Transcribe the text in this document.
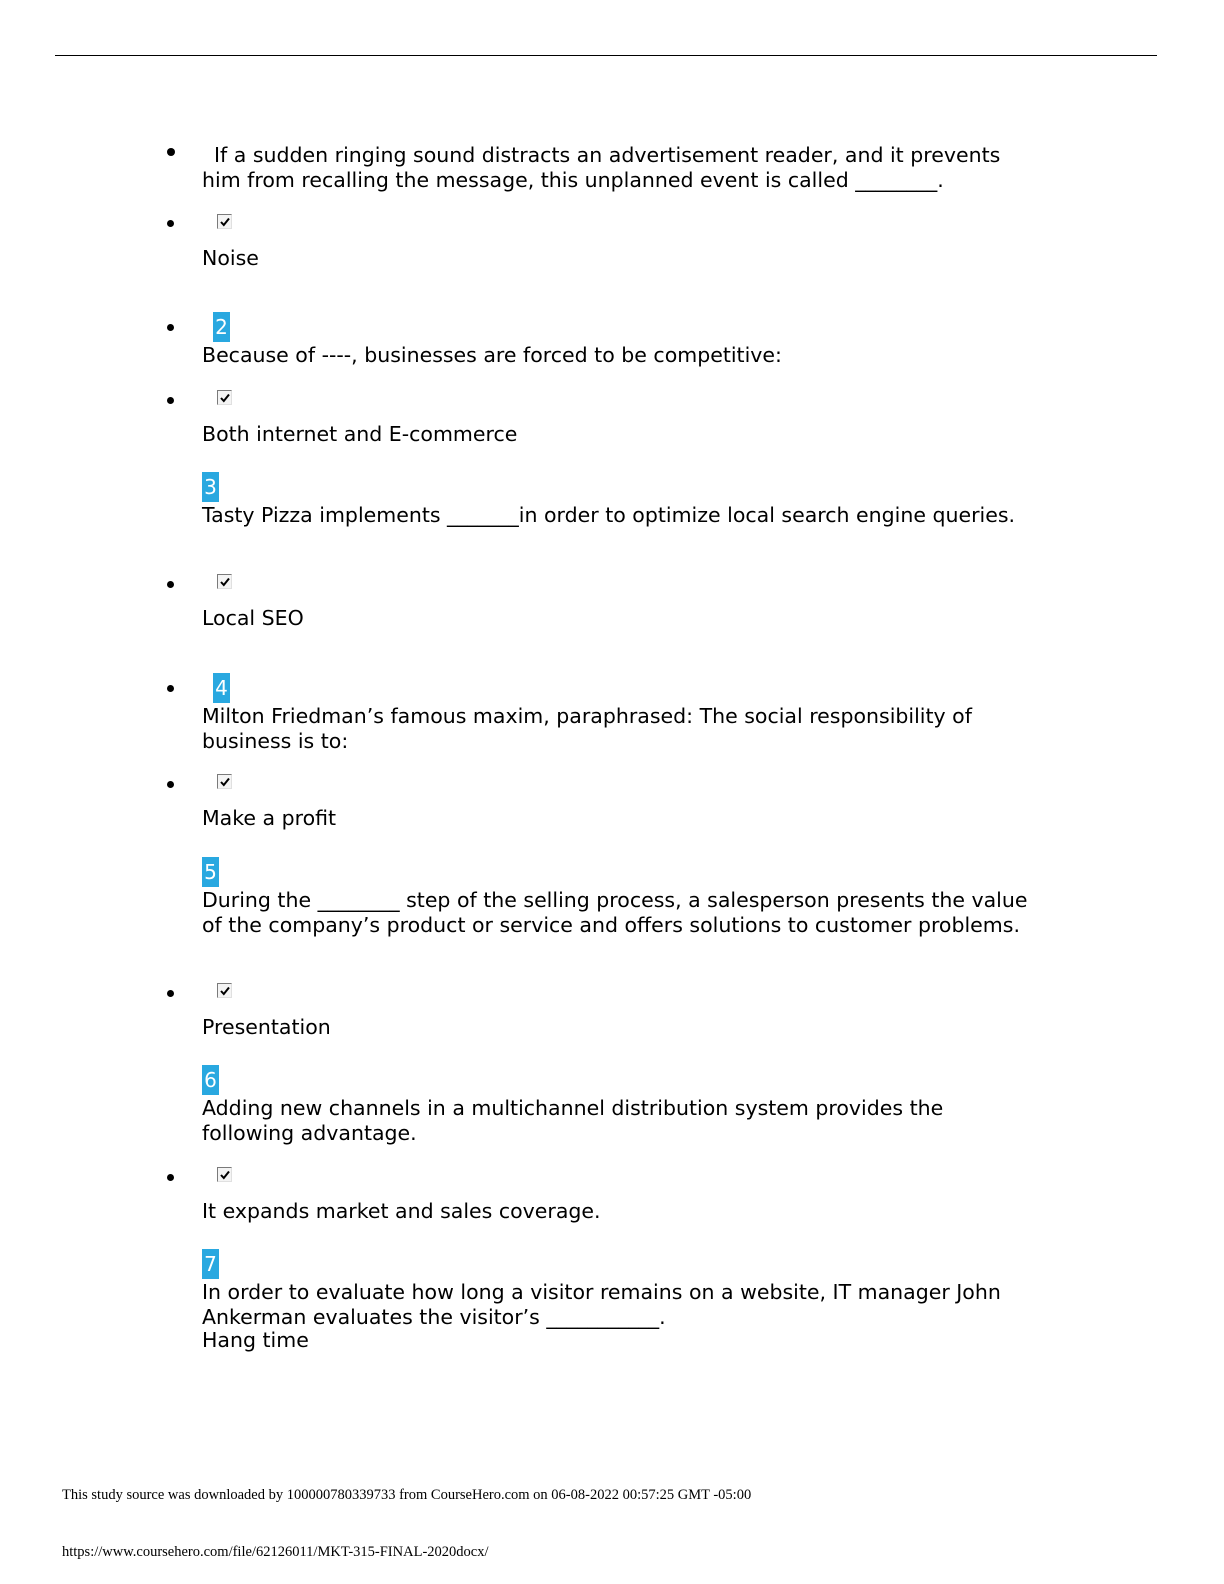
If a sudden ringing sound distracts an advertisement reader, and it prevents him from recalling the message, this unplanned event is called ________.
Noise
2
Because of ----, businesses are forced to be competitive:
Both internet and E-commerce
3
Tasty Pizza implements _______in order to optimize local search engine queries.
Local SEO
4
Milton Friedman’s famous maxim, paraphrased: The social responsibility of business is to:
Make a profit
5
During the ________ step of the selling process, a salesperson presents the value of the company’s product or service and offers solutions to customer problems.
Presentation
6
Adding new channels in a multichannel distribution system provides the following advantage.
It expands market and sales coverage.
7
In order to evaluate how long a visitor remains on a website, IT manager John Ankerman evaluates the visitor’s ___________.
Hang time
This study source was downloaded by 100000780339733 from CourseHero.com on 06-08-2022 00:57:25 GMT -05:00
https://www.coursehero.com/file/62126011/MKT-315-FINAL-2020docx/
